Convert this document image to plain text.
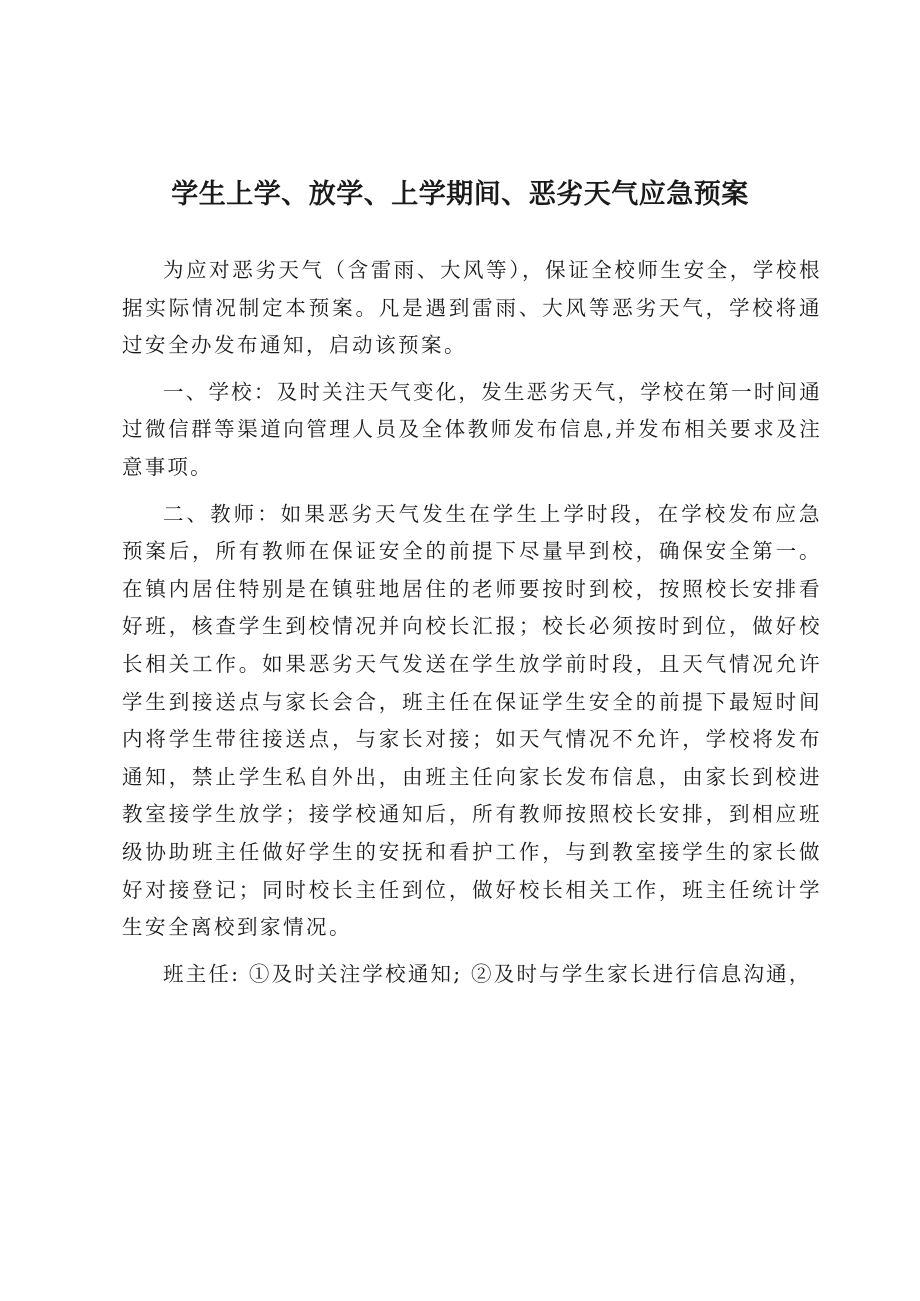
学生上学、放学、上学期间、恶劣天气应急预案

为应对恶劣天气（含雷雨、大风等），保证全校师生安全，学校根据实际情况制定本预案。凡是遇到雷雨、大风等恶劣天气，学校将通过安全办发布通知，启动该预案。

一、学校：及时关注天气变化，发生恶劣天气，学校在第一时间通过微信群等渠道向管理人员及全体教师发布信息,并发布相关要求及注意事项。

二、教师：如果恶劣天气发生在学生上学时段，在学校发布应急预案后，所有教师在保证安全的前提下尽量早到校，确保安全第一。在镇内居住特别是在镇驻地居住的老师要按时到校，按照校长安排看好班，核查学生到校情况并向校长汇报；校长必须按时到位，做好校长相关工作。如果恶劣天气发送在学生放学前时段，且天气情况允许学生到接送点与家长会合，班主任在保证学生安全的前提下最短时间内将学生带往接送点，与家长对接；如天气情况不允许，学校将发布通知，禁止学生私自外出，由班主任向家长发布信息，由家长到校进教室接学生放学；接学校通知后，所有教师按照校长安排，到相应班级协助班主任做好学生的安抚和看护工作，与到教室接学生的家长做好对接登记；同时校长主任到位，做好校长相关工作，班主任统计学生安全离校到家情况。

班主任: ①及时关注学校通知; ②及时与学生家长进行信息沟通，
